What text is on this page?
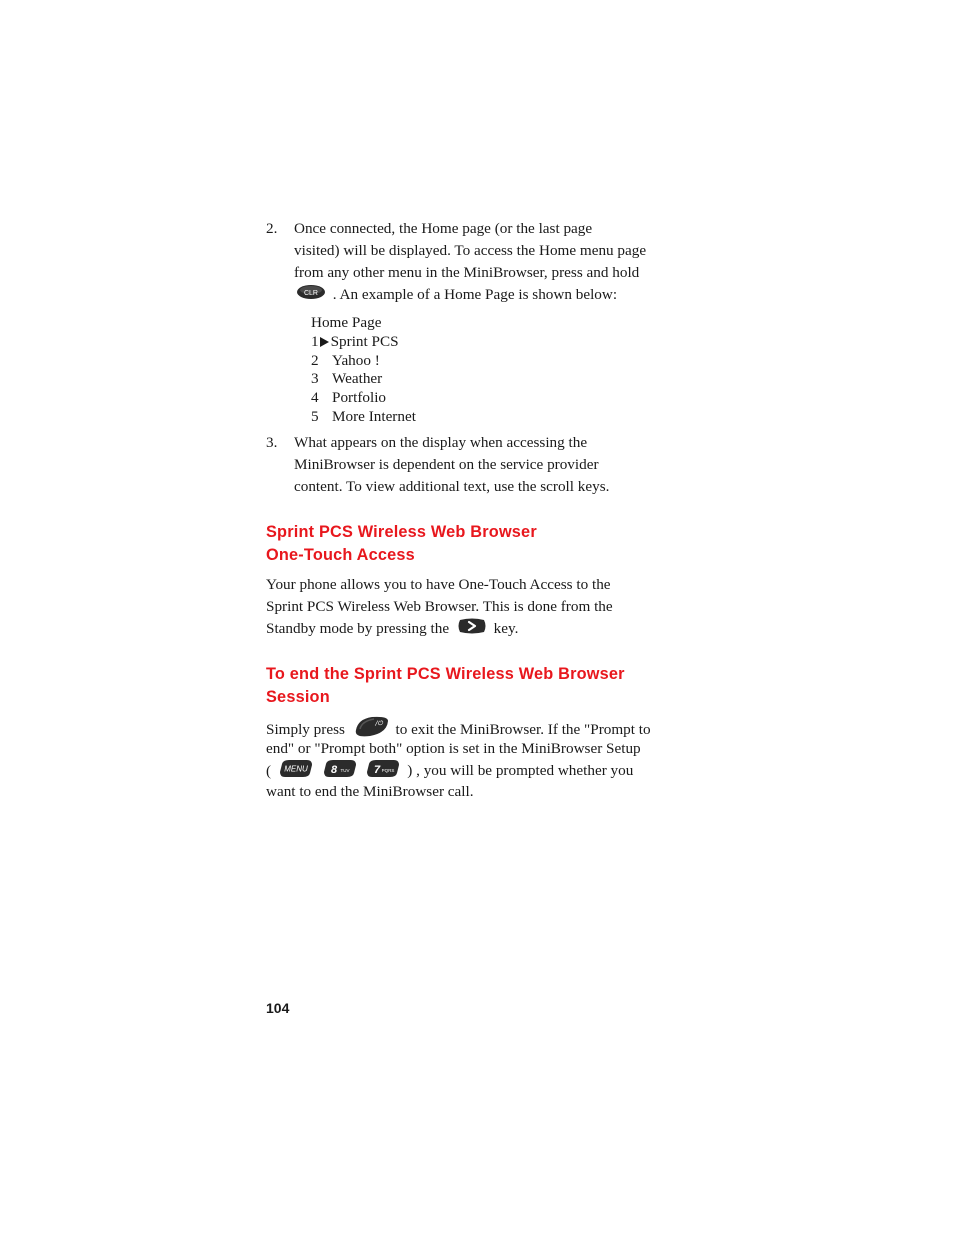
2. Once connected, the Home page (or the last page
visited) will be displayed. To access the Home menu page
from any other menu in the MiniBrowser, press and hold
CLR . An example of a Home Page is shown below:
Home Page
1 Sprint PCS
2 Yahoo !
3 Weather
4 Portfolio
5 More Internet
3. What appears on the display when accessing the
MiniBrowser is dependent on the service provider
content. To view additional text, use the scroll keys.
Sprint PCS Wireless Web Browser
One-Touch Access
Your phone allows you to have One-Touch Access to the
Sprint PCS Wireless Web Browser. This is done from the
Standby mode by pressing the	key.
To end the Sprint PCS Wireless Web Browser
Session
Simply press	/⏻ to exit the MiniBrowser. If the "Prompt to
end" or "Prompt both" option is set in the MiniBrowser Setup
( MENU
8 TUV
7 PQRS ) , you will be prompted whether you
want to end the MiniBrowser call.
104
